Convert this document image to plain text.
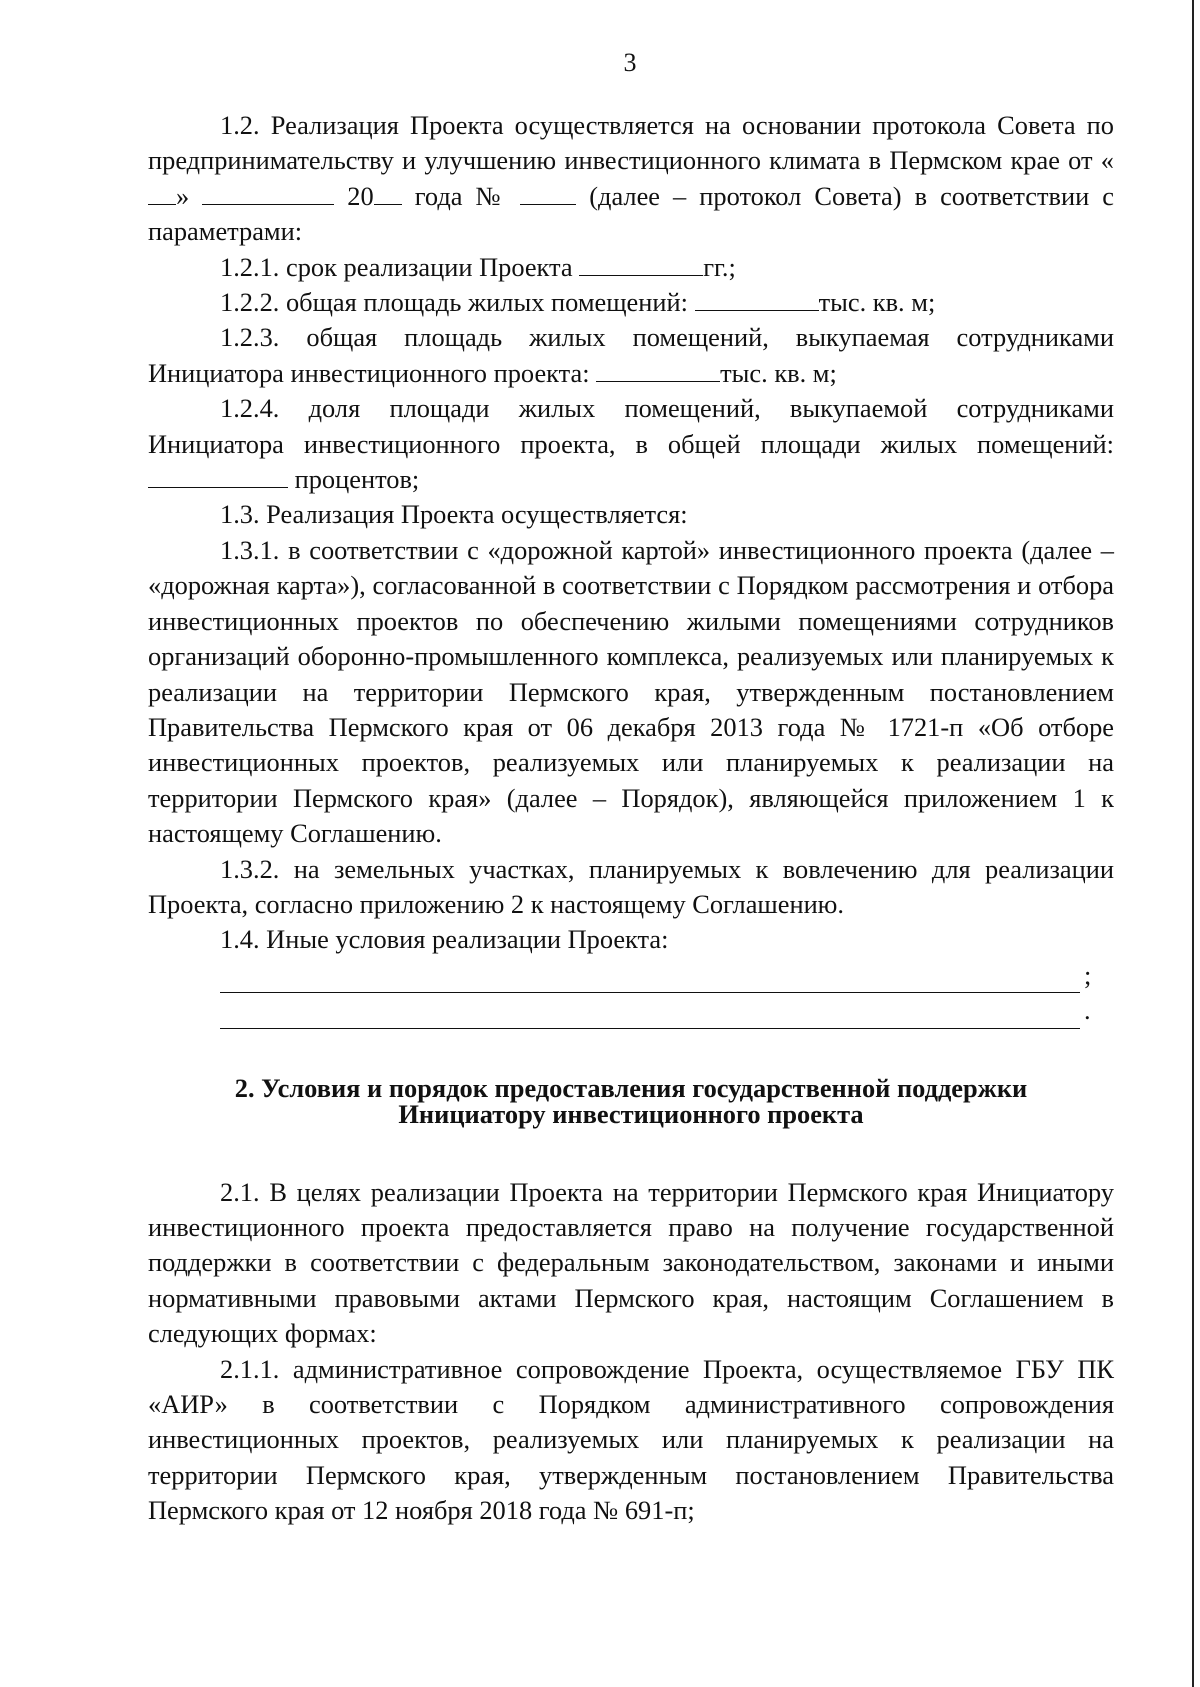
3

1.2. Реализация Проекта осуществляется на основании протокола Совета по предпринимательству и улучшению инвестиционного климата в Пермском крае от «»	20 года №	(далее – протокол Совета) в соответствии с параметрами:

1.2.1. срок реализации Проекта	гг.;

1.2.2. общая площадь жилых помещений:	тыс. кв. м;

1.2.3. общая площадь жилых помещений, выкупаемая сотрудниками Инициатора инвестиционного проекта:	тыс. кв. м;

1.2.4. доля площади жилых помещений, выкупаемой сотрудниками Инициатора инвестиционного проекта, в общей площади жилых помещений:  процентов;

1.3. Реализация Проекта осуществляется:

1.3.1. в соответствии с «дорожной картой» инвестиционного проекта (далее – «дорожная карта»), согласованной в соответствии с Порядком рассмотрения и отбора инвестиционных проектов по обеспечению жилыми помещениями сотрудников организаций оборонно-промышленного комплекса, реализуемых или планируемых к реализации на территории Пермского края, утвержденным постановлением Правительства Пермского края от 06 декабря 2013 года № 1721-п «Об отборе инвестиционных проектов, реализуемых или планируемых к реализации на территории Пермского края» (далее – Порядок), являющейся приложением 1 к настоящему Соглашению.

1.3.2. на земельных участках, планируемых к вовлечению для реализации Проекта, согласно приложению 2 к настоящему Соглашению.

1.4. Иные условия реализации Проекта:

;
.

2. Условия и порядок предоставления государственной поддержки
Инициатору инвестиционного проекта

2.1. В целях реализации Проекта на территории Пермского края Инициатору инвестиционного проекта предоставляется право на получение государственной поддержки в соответствии с федеральным законодательством, законами и иными нормативными правовыми актами Пермского края, настоящим Соглашением в следующих формах:

2.1.1. административное сопровождение Проекта, осуществляемое ГБУ ПК «АИР» в соответствии с Порядком административного сопровождения инвестиционных проектов, реализуемых или планируемых к реализации на территории Пермского края, утвержденным постановлением Правительства Пермского края от 12 ноября 2018 года № 691-п;
